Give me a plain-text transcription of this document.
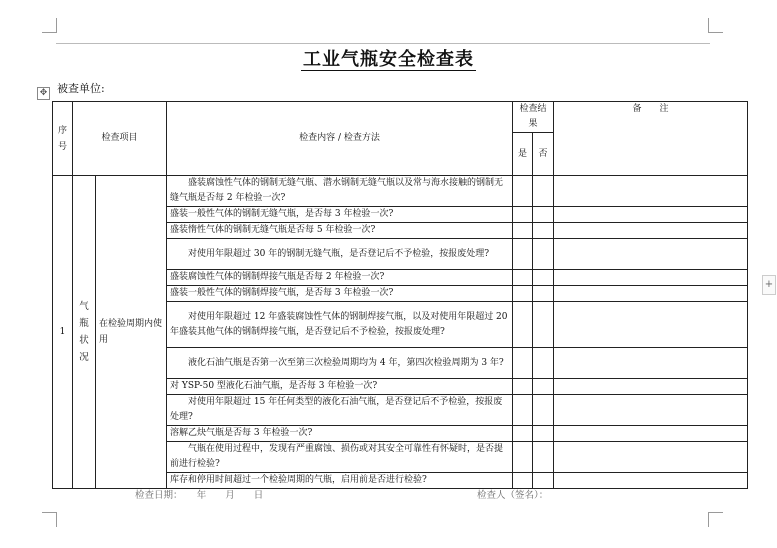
工业气瓶安全检查表
✥ 被查单位:
序号	检查项目		检查内容 / 检查方法	检查结果		备　　注
				是	否	
1	气瓶状况	在检验周期内使用	盛装腐蚀性气体的钢制无缝气瓶、潜水钢制无缝气瓶以及常与海水接触的钢制无缝气瓶是否每 2 年检验一次?			
			盛装一般性气体的钢制无缝气瓶，是否每 3 年检验一次?			
			盛装惰性气体的钢制无缝气瓶是否每 5 年检验一次?			
			对使用年限超过 30 年的钢制无缝气瓶，是否登记后不予检验，按报废处理?			
			盛装腐蚀性气体的钢制焊接气瓶是否每 2 年检验一次?			
			盛装一般性气体的钢制焊接气瓶，是否每 3 年检验一次?			
			对使用年限超过 12 年盛装腐蚀性气体的钢制焊接气瓶，以及对使用年限超过 20 年盛装其他气体的钢制焊接气瓶，是否登记后不予检验，按报废处理?			
			液化石油气瓶是否第一次至第三次检验周期均为 4 年，第四次检验周期为 3 年?			
			对 YSP-50 型液化石油气瓶，是否每 3 年检验一次?			
			对使用年限超过 15 年任何类型的液化石油气瓶，是否登记后不予检验，按报废处理?			
			溶解乙炔气瓶是否每 3 年检验一次?			
			气瓶在使用过程中，发现有严重腐蚀、损伤或对其安全可靠性有怀疑时，是否提前进行检验?			
			库存和停用时间超过一个检验周期的气瓶，启用前是否进行检验?			
检查日期：　　年　　月　　日	检查人（签名）：
+
